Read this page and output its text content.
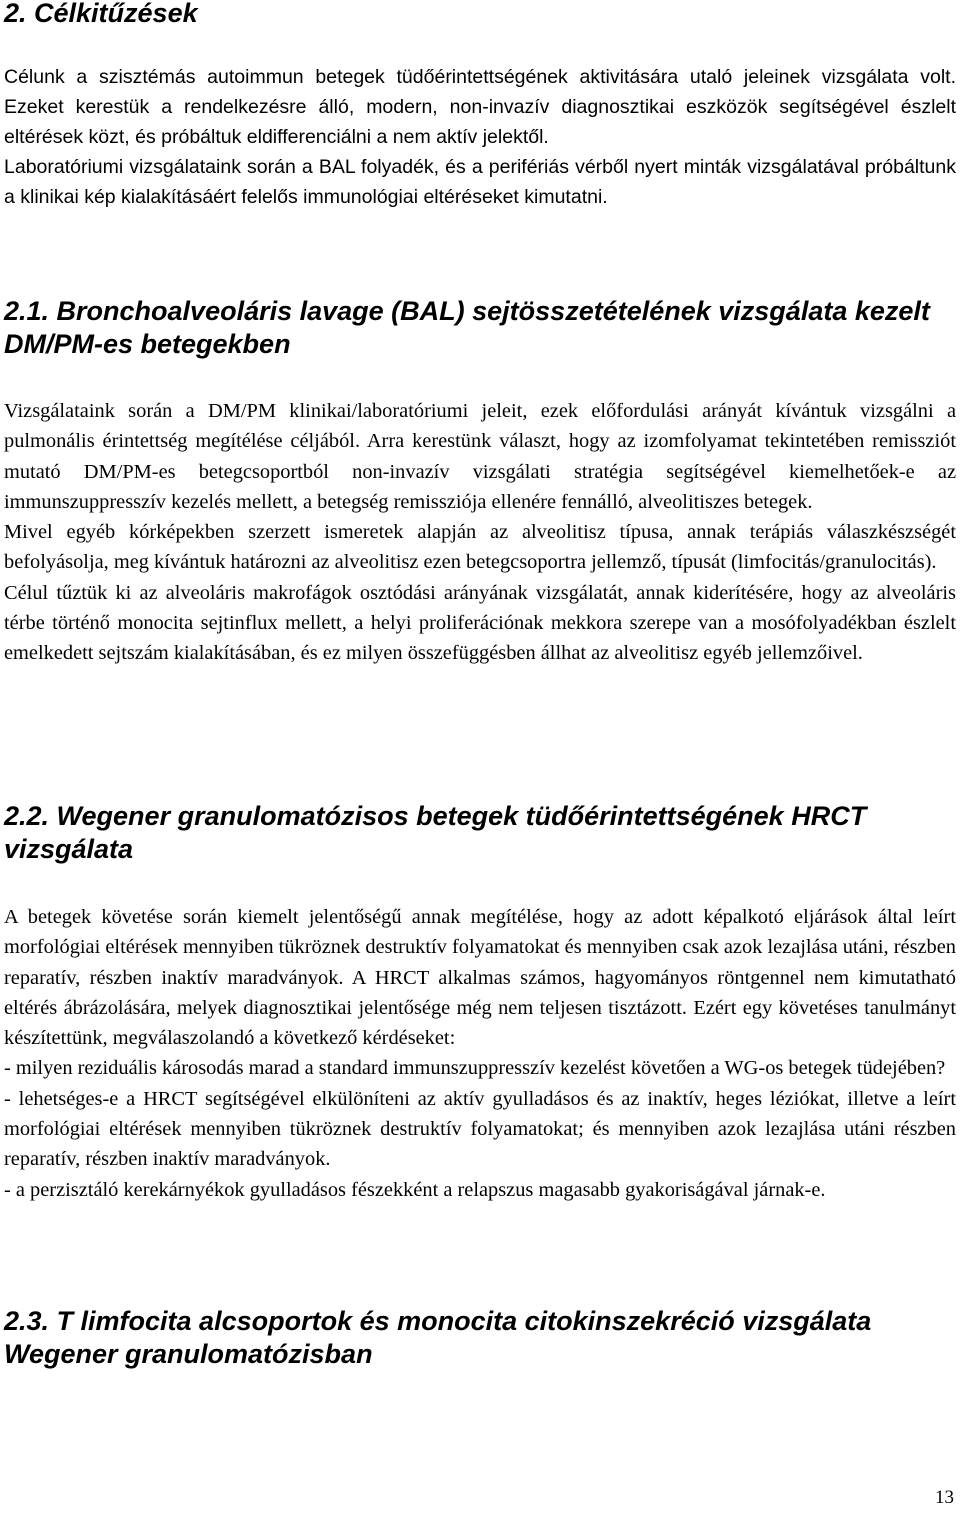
2. Célkitűzések

Célunk a szisztémás autoimmun betegek tüdőérintettségének aktivitására utaló jeleinek vizsgálata volt. Ezeket kerestük a rendelkezésre álló, modern, non-invazív diagnosztikai eszközök segítségével észlelt eltérések közt, és próbáltuk eldifferenciálni a nem aktív jelektől.

Laboratóriumi vizsgálataink során a BAL folyadék, és a perifériás vérből nyert minták vizsgálatával próbáltunk a klinikai kép kialakításáért felelős immunológiai eltéréseket kimutatni.

2.1. Bronchoalveoláris lavage (BAL) sejtösszetételének vizsgálata kezelt DM/PM-es betegekben

Vizsgálataink során a DM/PM klinikai/laboratóriumi jeleit, ezek előfordulási arányát kívántuk vizsgálni a pulmonális érintettség megítélése céljából. Arra kerestünk választ, hogy az izomfolyamat tekintetében remissziót mutató DM/PM-es betegcsoportból non-invazív vizsgálati stratégia segítségével kiemelhetőek-e az immunszuppresszív kezelés mellett, a betegség remissziója ellenére fennálló, alveolitiszes betegek.

Mivel egyéb kórképekben szerzett ismeretek alapján az alveolitisz típusa, annak terápiás válaszkészségét befolyásolja, meg kívántuk határozni az alveolitisz ezen betegcsoportra jellemző, típusát (limfocitás/granulocitás).

Célul tűztük ki az alveoláris makrofágok osztódási arányának vizsgálatát, annak kiderítésére, hogy az alveoláris térbe történő monocita sejtinflux mellett, a helyi proliferációnak mekkora szerepe van a mosófolyadékban észlelt emelkedett sejtszám kialakításában, és ez milyen összefüggésben állhat az alveolitisz egyéb jellemzőivel.

2.2. Wegener granulomatózisos betegek tüdőérintettségének HRCT vizsgálata

A betegek követése során kiemelt jelentőségű annak megítélése, hogy az adott képalkotó eljárások által leírt morfológiai eltérések mennyiben tükröznek destruktív folyamatokat és mennyiben csak azok lezajlása utáni, részben reparatív, részben inaktív maradványok. A HRCT alkalmas számos, hagyományos röntgennel nem kimutatható eltérés ábrázolására, melyek diagnosztikai jelentősége még nem teljesen tisztázott. Ezért egy követéses tanulmányt készítettünk, megválaszolandó a következő kérdéseket:

- milyen reziduális károsodás marad a standard immunszuppresszív kezelést követően a WG-os betegek tüdejében?

- lehetséges-e a HRCT segítségével elkülöníteni az aktív gyulladásos és az inaktív, heges léziókat, illetve a leírt morfológiai eltérések mennyiben tükröznek destruktív folyamatokat; és mennyiben azok lezajlása utáni részben reparatív, részben inaktív maradványok.

- a perzisztáló kerekárnyékok gyulladásos fészekként a relapszus magasabb gyakoriságával járnak-e.

2.3. T limfocita alcsoportok és monocita citokinszekréció vizsgálata Wegener granulomatózisban
13
